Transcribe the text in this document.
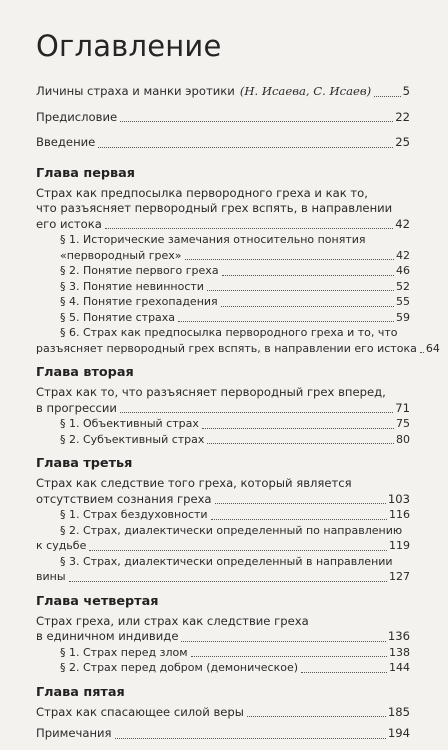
Оглавление
Личины страха и манки эротики (Н. Исаева, С. Исаев)	5
Предисловие	22
Введение	25
Глава первая
Страх как предпосылка первородного греха и как то,
что разъясняет первородный грех вспять, в направлении
его истока	42
§ 1. Исторические замечания относительно понятия
«первородный грех»	42
§ 2. Понятие первого греха	46
§ 3. Понятие невинности	52
§ 4. Понятие грехопадения	55
§ 5. Понятие страха	59
§ 6. Страх как предпосылка первородного греха и то, что
разъясняет первородный грех вспять, в направлении его истока 64
Глава вторая
Страх как то, что разъясняет первородный грех вперед,
в прогрессии	71
§ 1. Объективный страх	75
§ 2. Субъективный страх	80
Глава третья
Страх как следствие того греха, который является
отсутствием сознания греха	103
§ 1. Страх бездуховности	116
§ 2. Страх, диалектически определенный по направлению
к судьбе	119
§ 3. Страх, диалектически определенный в направлении
вины	127
Глава четвертая
Страх греха, или страх как следствие греха
в единичном индивиде	136
§ 1. Страх перед злом	138
§ 2. Страх перед добром (демоническое)	144
Глава пятая
Страх как спасающее силой веры	185
Примечания	194
